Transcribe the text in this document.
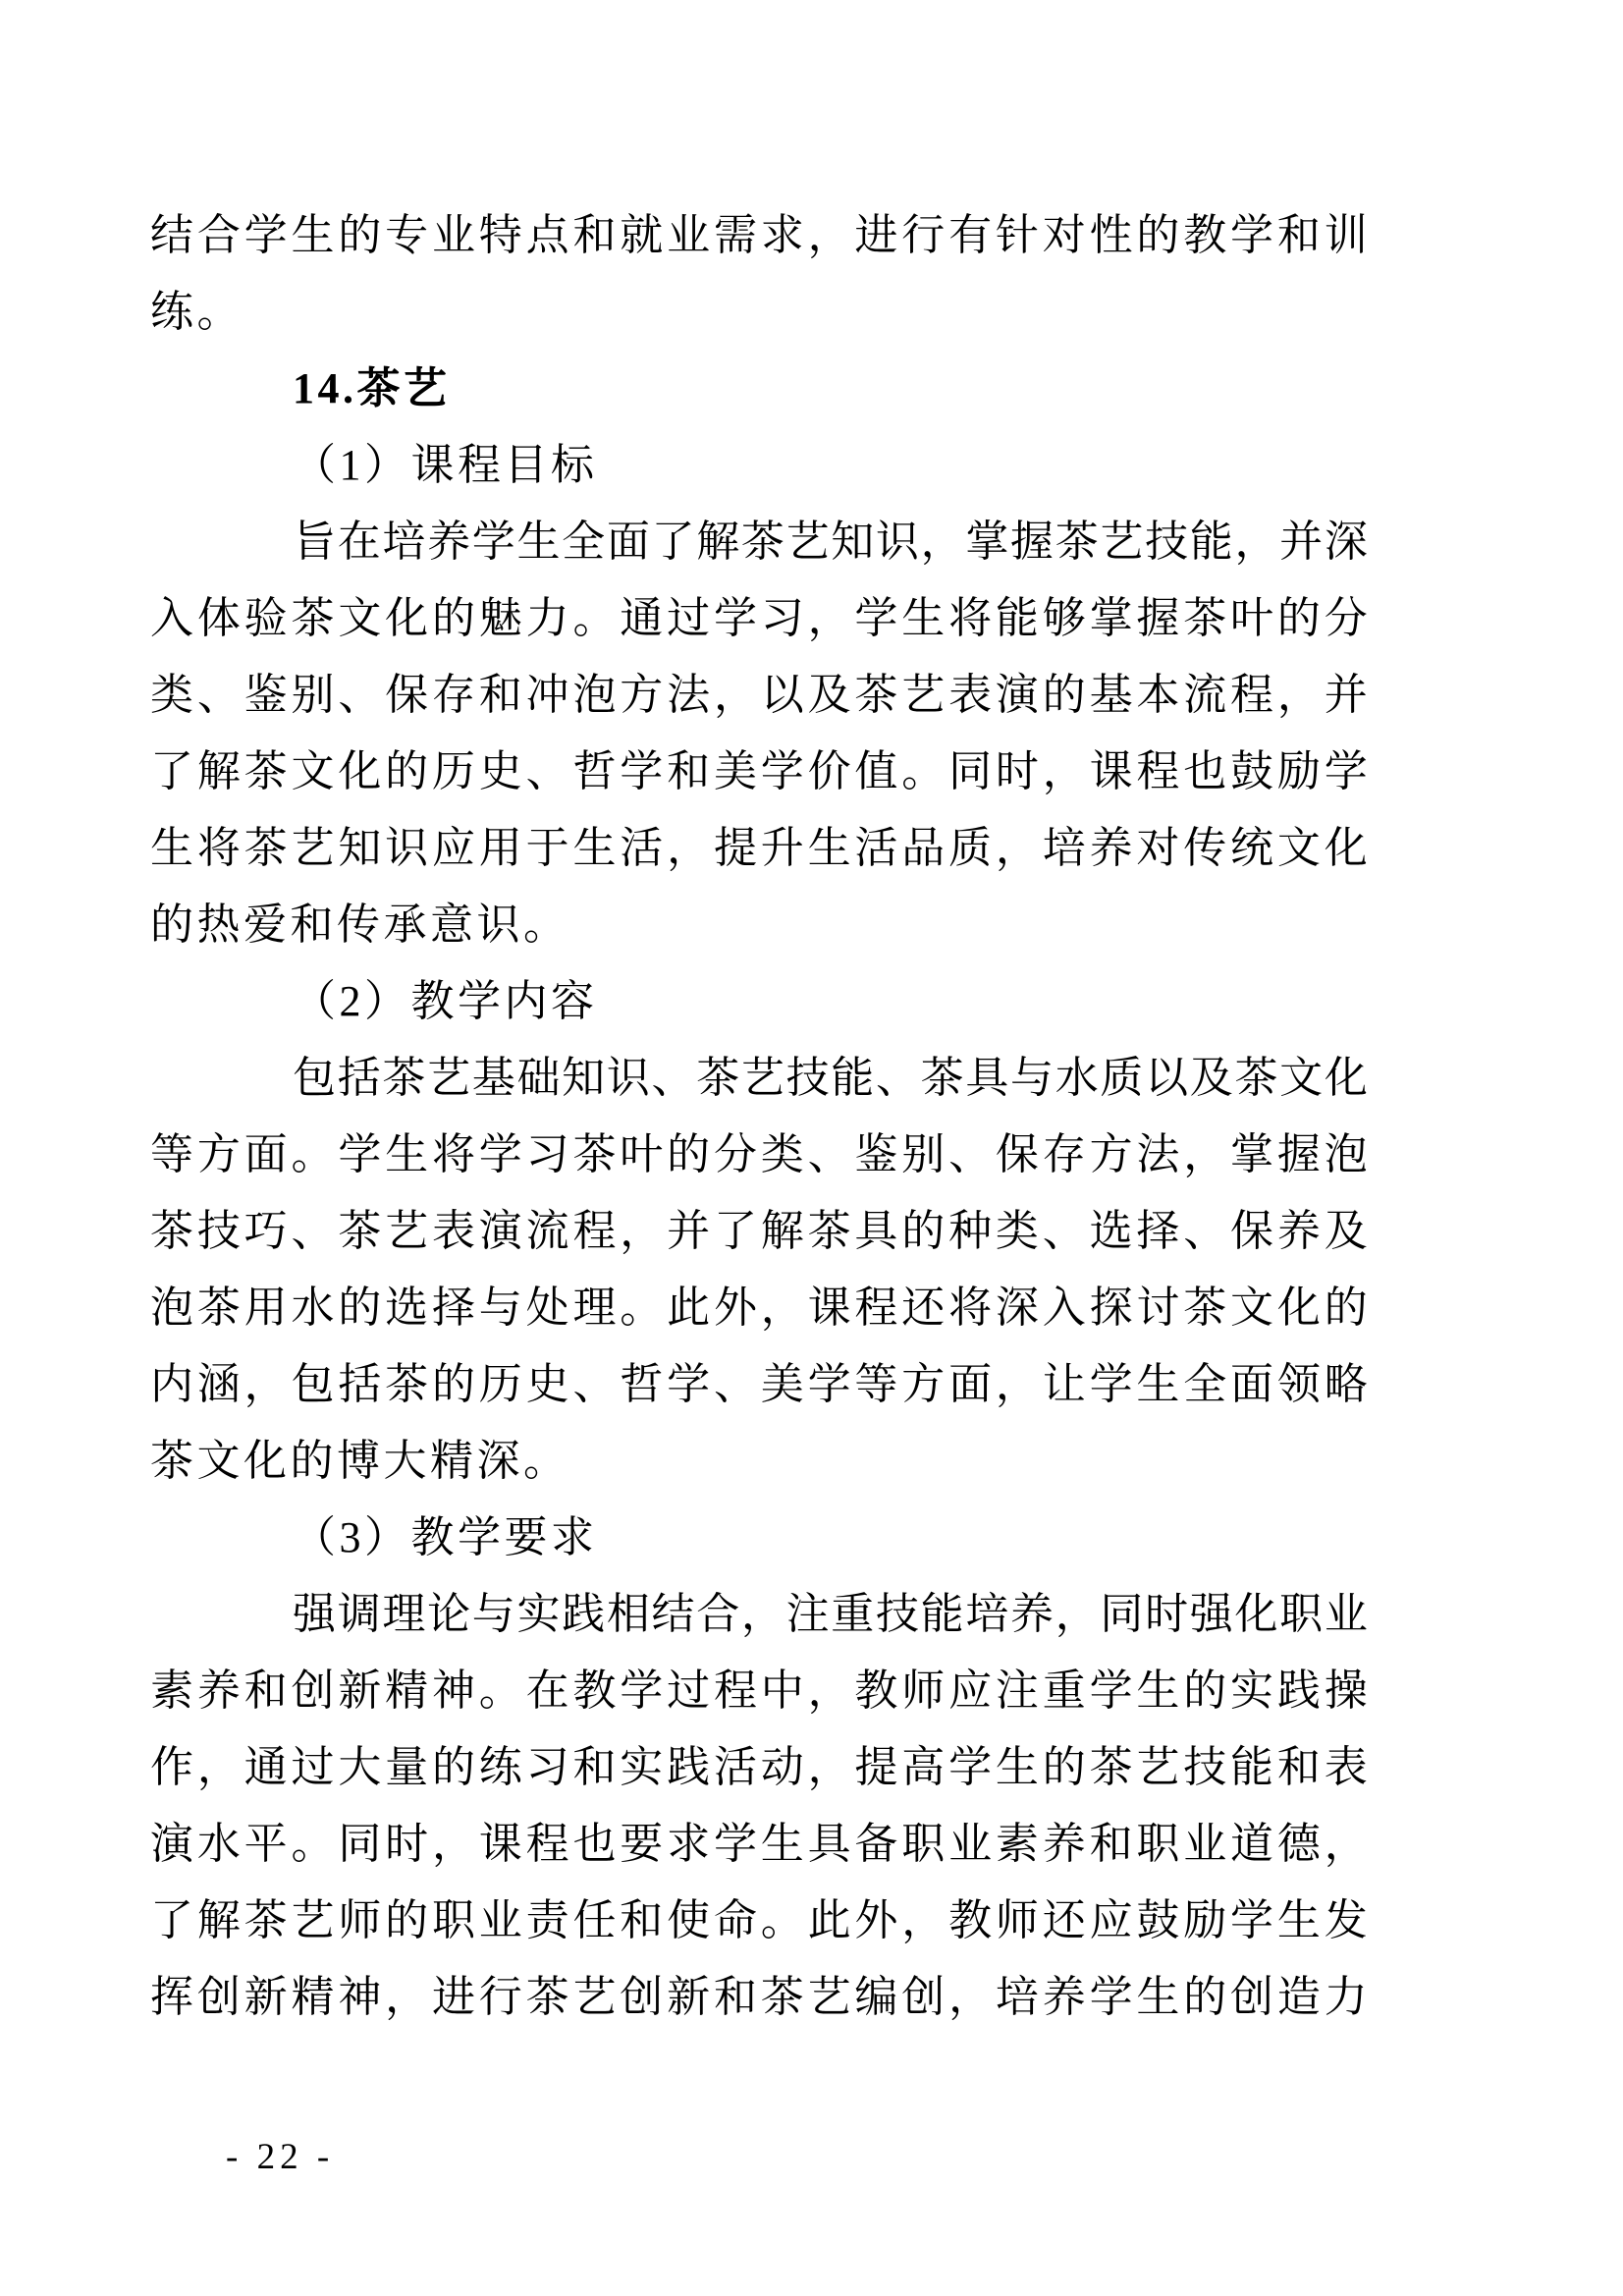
结 合 学 生 的 专 业 特 点 和 就 业 需 求 ， 进 行 有 针 对 性 的 教 学 和 训
练。
14.茶艺
（1）课程目标
旨 在 培 养 学 生 全 面 了 解 茶 艺 知 识 ， 掌 握 茶 艺 技 能 ， 并 深
入 体 验 茶 文 化 的 魅 力 。 通 过 学 习 ， 学 生 将 能 够 掌 握 茶 叶 的 分
类 、 鉴 别 、 保 存 和 冲 泡 方 法 ， 以 及 茶 艺 表 演 的 基 本 流 程 ， 并
了 解 茶 文 化 的 历 史 、 哲 学 和 美 学 价 值 。 同 时 ， 课 程 也 鼓 励 学
生 将 茶 艺 知 识 应 用 于 生 活 ， 提 升 生 活 品 质 ， 培 养 对 传 统 文 化
的热爱和传承意识。
（2）教学内容
包 括 茶 艺 基 础 知 识 、 茶 艺 技 能 、 茶 具 与 水 质 以 及 茶 文 化
等 方 面 。 学 生 将 学 习 茶 叶 的 分 类 、 鉴 别 、 保 存 方 法 ， 掌 握 泡
茶 技 巧 、 茶 艺 表 演 流 程 ， 并 了 解 茶 具 的 种 类 、 选 择 、 保 养 及
泡 茶 用 水 的 选 择 与 处 理 。 此 外 ， 课 程 还 将 深 入 探 讨 茶 文 化 的
内 涵 ， 包 括 茶 的 历 史 、 哲 学 、 美 学 等 方 面 ， 让 学 生 全 面 领 略
茶文化的博大精深。
（3）教学要求
强 调 理 论 与 实 践 相 结 合 ， 注 重 技 能 培 养 ， 同 时 强 化 职 业
素 养 和 创 新 精 神 。 在 教 学 过 程 中 ， 教 师 应 注 重 学 生 的 实 践 操
作 ， 通 过 大 量 的 练 习 和 实 践 活 动 ， 提 高 学 生 的 茶 艺 技 能 和 表
演 水 平 。 同 时 ， 课 程 也 要 求 学 生 具 备 职 业 素 养 和 职 业 道 德 ，
了 解 茶 艺 师 的 职 业 责 任 和 使 命 。 此 外 ， 教 师 还 应 鼓 励 学 生 发
挥 创 新 精 神 ， 进 行 茶 艺 创 新 和 茶 艺 编 创 ， 培 养 学 生 的 创 造 力
- 22 -
